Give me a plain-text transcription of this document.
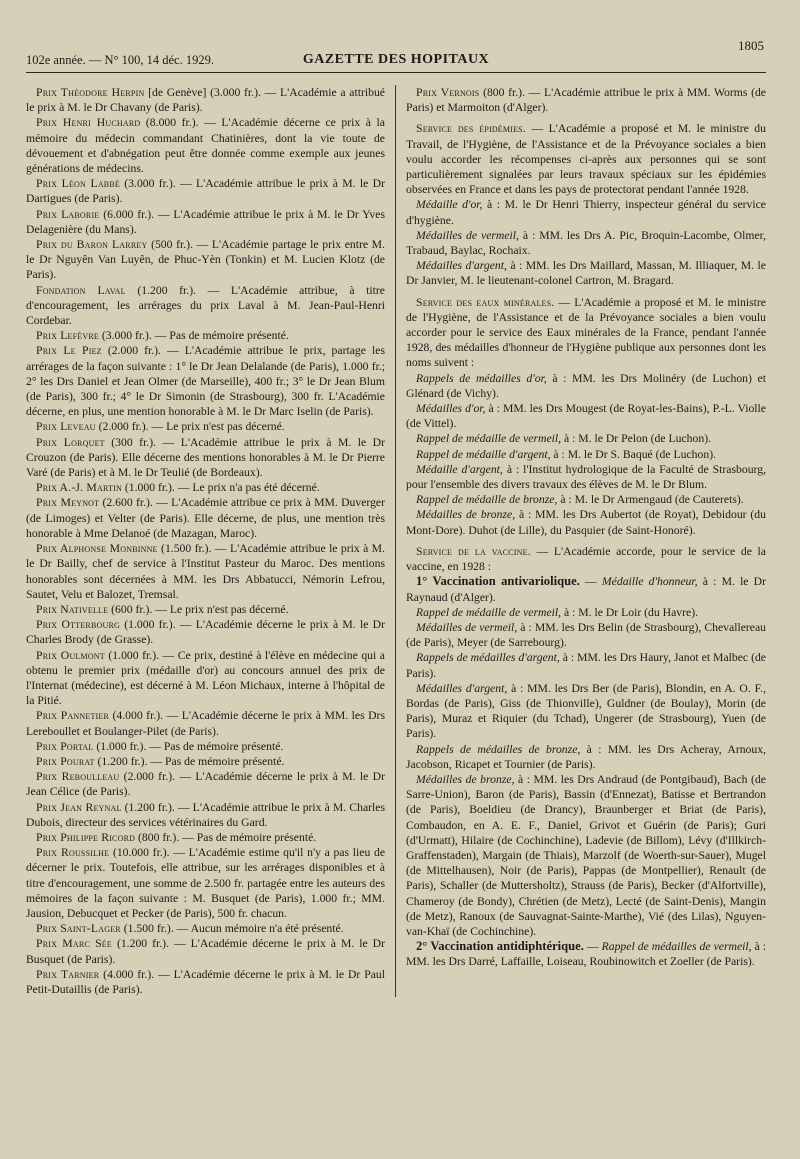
102e année. — N° 100, 14 déc. 1929.	GAZETTE DES HOPITAUX
1805

Prix Théodore Herpin [de Genève] (3.000 fr.). — L'Académie a attribué le prix à M. le Dr Chavany (de Paris).

Prix Henri Huchard (8.000 fr.). — L'Académie décerne ce prix à la mémoire du médecin commandant Chatinières, dont la vie toute de dévouement et d'abnégation peut être donnée comme exemple aux jeunes générations de médecins.

Prix Léon Labbé (3.000 fr.). — L'Académie attribue le prix à M. le Dr Dartigues (de Paris).

Prix Laborie (6.000 fr.). — L'Académie attribue le prix à M. le Dr Yves Delagenière (du Mans).

Prix du Baron Larrey (500 fr.). — L'Académie partage le prix entre M. le Dr Nguyên Van Luyên, de Phuc-Yèn (Tonkin) et M. Lucien Klotz (de Paris).

Fondation Laval (1.200 fr.). — L'Académie attribue, à titre d'encouragement, les arrérages du prix Laval à M. Jean-Paul-Henri Cordebar.

Prix Lefèvre (3.000 fr.). — Pas de mémoire présenté.

Prix Le Piez (2.000 fr.). — L'Académie attribue le prix, partage les arrérages de la façon suivante : 1° le Dr Jean Delalande (de Paris), 1.000 fr.; 2° les Drs Daniel et Jean Olmer (de Marseille), 400 fr.; 3° le Dr Jean Blum (de Paris), 300 fr.; 4° le Dr Simonin (de Strasbourg), 300 fr. L'Académie décerne, en plus, une mention honorable à M. le Dr Marc Iselin (de Paris).

Prix Leveau (2.000 fr.). — Le prix n'est pas décerné.

Prix Lorquet (300 fr.). — L'Académie attribue le prix à M. le Dr Crouzon (de Paris). Elle décerne des mentions honorables à M. le Dr Pierre Varé (de Paris) et à M. le Dr Teulié (de Bordeaux).

Prix A.-J. Martin (1.000 fr.). — Le prix n'a pas été décerné.

Prix Meynot (2.600 fr.). — L'Académie attribue ce prix à MM. Duverger (de Limoges) et Velter (de Paris). Elle décerne, de plus, une mention très honorable à Mme Delanoé (de Mazagan, Maroc).

Prix Alphonse Monbinne (1.500 fr.). — L'Académie attribue le prix à M. le Dr Bailly, chef de service à l'Institut Pasteur du Maroc. Des mentions honorables sont décernées à MM. les Drs Abbatucci, Némorin Lefrou, Sautet, Velu et Balozet, Tremsal.

Prix Nativelle (600 fr.). — Le prix n'est pas décerné.

Prix Otterbourg (1.000 fr.). — L'Académie décerne le prix à M. le Dr Charles Brody (de Grasse).

Prix Oulmont (1.000 fr.). — Ce prix, destiné à l'élève en médecine qui a obtenu le premier prix (médaille d'or) au concours annuel des prix de l'Internat (médecine), est décerné à M. Léon Michaux, interne à l'hôpital de la Pitié.

Prix Pannetier (4.000 fr.). — L'Académie décerne le prix à MM. les Drs Lereboullet et Boulanger-Pilet (de Paris).

Prix Portal (1.000 fr.). — Pas de mémoire présenté.

Prix Pourat (1.200 fr.). — Pas de mémoire présenté.

Prix Reboulleau (2.000 fr.). — L'Académie décerne le prix à M. le Dr Jean Célice (de Paris).

Prix Jean Reynal (1.200 fr.). — L'Académie attribue le prix à M. Charles Dubois, directeur des services vétérinaires du Gard.

Prix Philippe Ricord (800 fr.). — Pas de mémoire présenté.

Prix Roussilhe (10.000 fr.). — L'Académie estime qu'il n'y a pas lieu de décerner le prix. Toutefois, elle attribue, sur les arrérages disponibles et à titre d'encouragement, une somme de 2.500 fr. partagée entre les auteurs des mémoires de la façon suivante : M. Busquet (de Paris), 1.000 fr.; MM. Jausion, Debucquet et Pecker (de Paris), 500 fr. chacun.

Prix Saint-Lager (1.500 fr.). — Aucun mémoire n'a été présenté.

Prix Marc Sée (1.200 fr.). — L'Académie décerne le prix à M. le Dr Busquet (de Paris).

Prix Tarnier (4.000 fr.). — L'Académie décerne le prix à M. le Dr Paul Petit-Dutaillis (de Paris).

Prix Vernois (800 fr.). — L'Académie attribue le prix à MM. Worms (de Paris) et Marmoiton (d'Alger).

Service des épidémies. — L'Académie a proposé et M. le ministre du Travail, de l'Hygiène, de l'Assistance et de la Prévoyance sociales a bien voulu accorder les récompenses ci-après aux personnes qui se sont particulièrement signalées par leurs travaux spéciaux sur les épidémies observées en France et dans les pays de protectorat pendant l'année 1928.

Médaille d'or, à : M. le Dr Henri Thierry, inspecteur général du service d'hygiène.

Médailles de vermeil, à : MM. les Drs A. Pic, Broquin-Lacombe, Olmer, Trabaud, Baylac, Rochaix.

Médailles d'argent, à : MM. les Drs Maillard, Massan, M. Illiaquer, M. le Dr Janvier, M. le lieutenant-colonel Cartron, M. Bragard.

Service des eaux minérales. — L'Académie a proposé et M. le ministre de l'Hygiène, de l'Assistance et de la Prévoyance sociales a bien voulu accorder pour le service des Eaux minérales de la France, pendant l'année 1928, des médailles d'honneur de l'Hygiène publique aux personnes dont les noms suivent :

Rappels de médailles d'or, à : MM. les Drs Molinéry (de Luchon) et Glénard (de Vichy).

Médailles d'or, à : MM. les Drs Mougest (de Royat-les-Bains), P.-L. Violle (de Vittel).

Rappel de médaille de vermeil, à : M. le Dr Pelon (de Luchon).

Rappel de médaille d'argent, à : M. le Dr S. Baqué (de Luchon).

Médaille d'argent, à : l'Institut hydrologique de la Faculté de Strasbourg, pour l'ensemble des divers travaux des élèves de M. le Dr Blum.

Rappel de médaille de bronze, à : M. le Dr Armengaud (de Cauterets).

Médailles de bronze, à : MM. les Drs Aubertot (de Royat), Debidour (du Mont-Dore). Duhot (de Lille), du Pasquier (de Saint-Honoré).

Service de la vaccine. — L'Académie accorde, pour le service de la vaccine, en 1928 :

1° Vaccination antivariolique. — Médaille d'honneur, à : M. le Dr Raynaud (d'Alger).

Rappel de médaille de vermeil, à : M. le Dr Loir (du Havre).

Médailles de vermeil, à : MM. les Drs Belin (de Strasbourg), Chevallereau (de Paris), Meyer (de Sarrebourg).

Rappels de médailles d'argent, à : MM. les Drs Haury, Janot et Malbec (de Paris).

Médailles d'argent, à : MM. les Drs Ber (de Paris), Blondin, en A. O. F., Bordas (de Paris), Giss (de Thionville), Guldner (de Boulay), Morin (de Paris), Muraz et Riquier (du Tchad), Ungerer (de Strasbourg), Yuen (de Paris).

Rappels de médailles de bronze, à : MM. les Drs Acheray, Arnoux, Jacobson, Ricapet et Tournier (de Paris).

Médailles de bronze, à : MM. les Drs Andraud (de Pontgibaud), Bach (de Sarre-Union), Baron (de Paris), Bassin (d'Ennezat), Batisse et Bertrandon (de Paris), Boeldieu (de Drancy), Braunberger et Briat (de Paris), Combaudon, en A. E. F., Daniel, Grivot et Guérin (de Paris); Guri (d'Urmatt), Hilaire (de Cochinchine), Ladevie (de Billom), Lévy (d'Illkirch-Graffenstaden), Margain (de Thiais), Marzolf (de Woerth-sur-Sauer), Mugel (de Mittelhausen), Noir (de Paris), Pappas (de Montpellier), Renault (de Paris), Schaller (de Muttersholtz), Strauss (de Paris), Becker (d'Alfortville), Chameroy (de Bondy), Chrétien (de Metz), Lecté (de Saint-Denis), Mangin (de Metz), Ranoux (de Sauvagnat-Sainte-Marthe), Vié (des Lilas), Nguyen-van-Khaï (de Cochinchine).

2° Vaccination antidiphtérique. — Rappel de médailles de vermeil, à : MM. les Drs Darré, Laffaille, Loiseau, Roubinowitch et Zoeller (de Paris).
